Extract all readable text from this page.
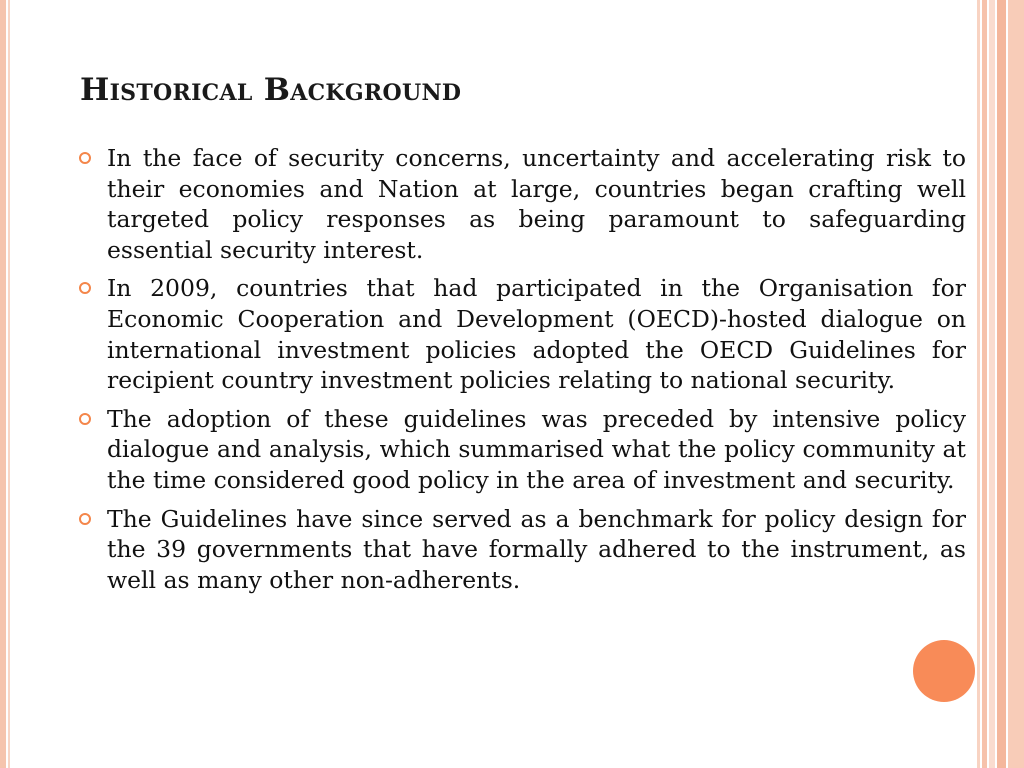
Historical Background
In the face of security concerns, uncertainty and accelerating risk to their economies and Nation at large, countries began crafting well targeted policy responses as being paramount to safeguarding essential security interest.
In 2009, countries that had participated in the Organisation for Economic Cooperation and Development (OECD)-hosted dialogue on international investment policies adopted the OECD Guidelines for recipient country investment policies relating to national security.
The adoption of these guidelines was preceded by intensive policy dialogue and analysis, which summarised what the policy community at the time considered good policy in the area of investment and security.
The Guidelines have since served as a benchmark for policy design for the 39 governments that have formally adhered to the instrument, as well as many other non-adherents.
